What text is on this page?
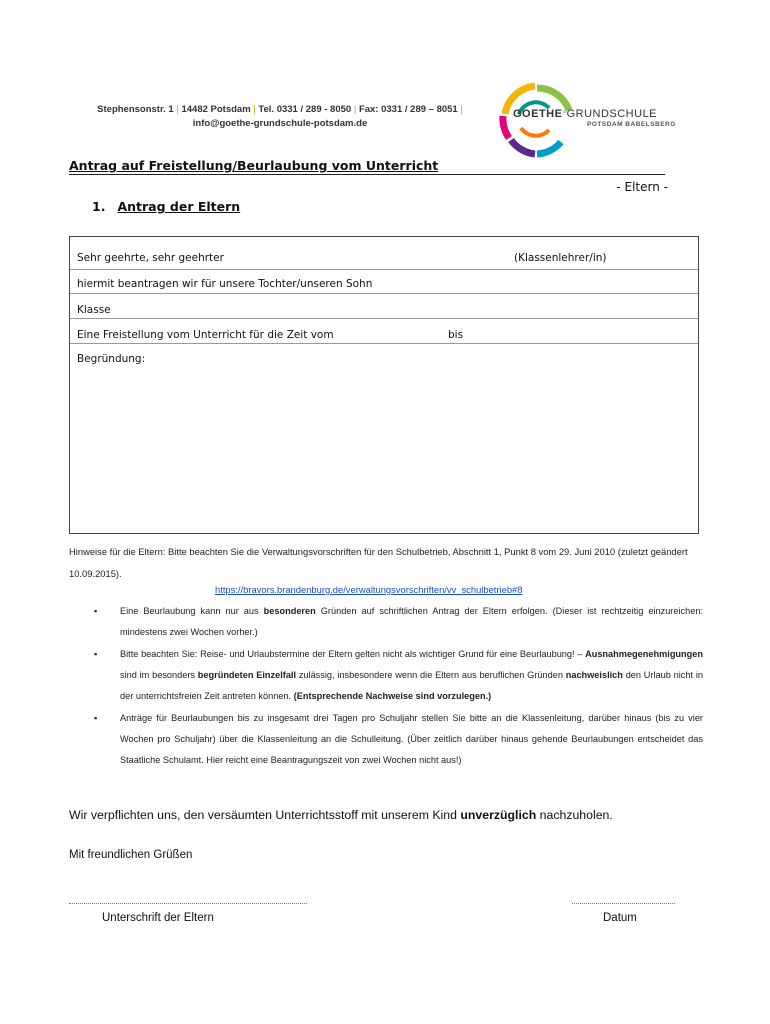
Stephensonstr. 1 | 14482 Potsdam | Tel. 0331 / 289 - 8050 | Fax: 0331 / 289 – 8051 |
info@goethe-grundschule-potsdam.de
GOETHE°GRUNDSCHULE
POTSDAM BABELSBERG
Antrag auf Freistellung/Beurlaubung vom Unterricht
- Eltern -
1. Antrag der Eltern
Sehr geehrte, sehr geehrter	(Klassenlehrer/in)
hiermit beantragen wir für unsere Tochter/unseren Sohn
Klasse
Eine Freistellung vom Unterricht für die Zeit vom	bis
Begründung:
Hinweise für die Eltern: Bitte beachten Sie die Verwaltungsvorschriften für den Schulbetrieb, Abschnitt 1, Punkt 8 vom 29. Juni 2010 (zuletzt geändert 10.09.2015).
https://bravors.brandenburg.de/verwaltungsvorschriften/vv_schulbetrieb#8
▪ Eine Beurlaubung kann nur aus besonderen Gründen auf schriftlichen Antrag der Eltern erfolgen. (Dieser ist rechtzeitig einzureichen: mindestens zwei Wochen vorher.)
▪ Bitte beachten Sie: Reise- und Urlaubstermine der Eltern gelten nicht als wichtiger Grund für eine Beurlaubung! – Ausnahmegenehmigungen sind im besonders begründeten Einzelfall zulässig, insbesondere wenn die Eltern aus beruflichen Gründen nachweislich den Urlaub nicht in der unterrichtsfreien Zeit antreten können. (Entsprechende Nachweise sind vorzulegen.)
▪ Anträge für Beurlaubungen bis zu insgesamt drei Tagen pro Schuljahr stellen Sie bitte an die Klassenleitung, darüber hinaus (bis zu vier Wochen pro Schuljahr) über die Klassenleitung an die Schulleitung. (Über zeitlich darüber hinaus gehende Beurlaubungen entscheidet das Staatliche Schulamt. Hier reicht eine Beantragungszeit von zwei Wochen nicht aus!)
Wir verpflichten uns, den versäumten Unterrichtsstoff mit unserem Kind unverzüglich nachzuholen.
Mit freundlichen Grüßen
Unterschrift der Eltern	Datum
